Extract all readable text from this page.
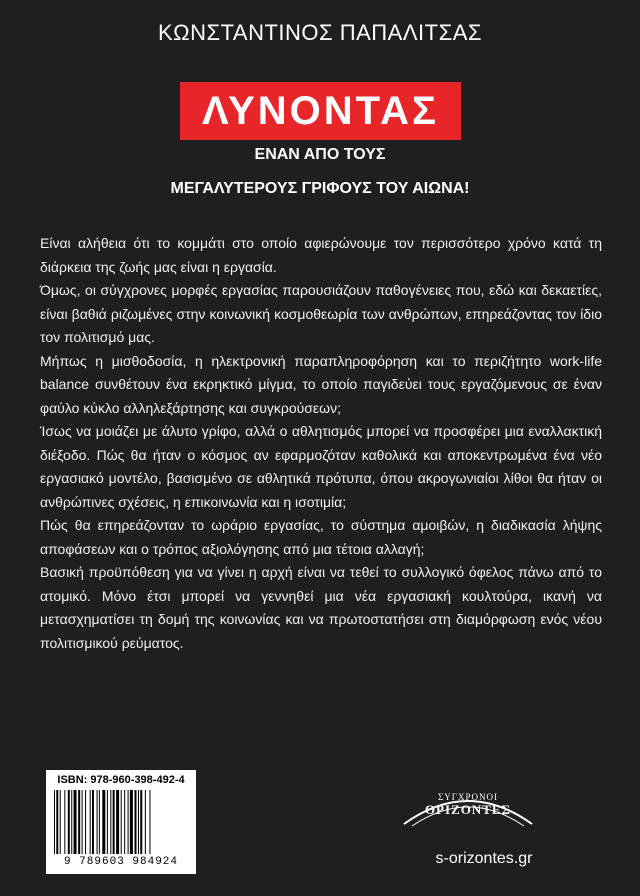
ΚΩΝΣΤΑΝΤΙΝΟΣ ΠΑΠΑΛΙΤΣΑΣ
ΛΥΝΟΝΤΑΣ
ΕΝΑΝ ΑΠΟ ΤΟΥΣ
ΜΕΓΑΛΥΤΕΡΟΥΣ ΓΡΙΦΟΥΣ ΤΟΥ ΑΙΩΝΑ!

Είναι αλήθεια ότι το κομμάτι στο οποίο αφιερώνουμε τον περισσότερο χρόνο κατά τη διάρκεια της ζωής μας είναι η εργασία.

Όμως, οι σύγχρονες μορφές εργασίας παρουσιάζουν παθογένειες που, εδώ και δεκαετίες, είναι βαθιά ριζωμένες στην κοινωνική κοσμοθεωρία των ανθρώπων, επηρεάζοντας τον ίδιο τον πολιτισμό μας.

Μήπως η μισθοδοσία, η ηλεκτρονική παραπληροφόρηση και το περιζήτητο work-life balance συνθέτουν ένα εκρηκτικό μίγμα, το οποίο παγιδεύει τους εργαζόμενους σε έναν φαύλο κύκλο αλληλεξάρτησης και συγκρούσεων;

Ίσως να μοιάζει με άλυτο γρίφο, αλλά ο αθλητισμός μπορεί να προσφέρει μια εναλλακτική διέξοδο. Πώς θα ήταν ο κόσμος αν εφαρμοζόταν καθολικά και αποκεντρωμένα ένα νέο εργασιακό μοντέλο, βασισμένο σε αθλητικά πρότυπα, όπου ακρογωνιαίοι λίθοι θα ήταν οι ανθρώπινες σχέσεις, η επικοινωνία και η ισοτιμία;

Πώς θα επηρεάζονταν το ωράριο εργασίας, το σύστημα αμοιβών, η διαδικασία λήψης αποφάσεων και ο τρόπος αξιολόγησης από μια τέτοια αλλαγή;

Βασική προϋπόθεση για να γίνει η αρχή είναι να τεθεί το συλλογικό όφελος πάνω από το ατομικό. Μόνο έτσι μπορεί να γεννηθεί μια νέα εργασιακή κουλτούρα, ικανή να μετασχηματίσει τη δομή της κοινωνίας και να πρωτοστατήσει στη διαμόρφωση ενός νέου πολιτισμικού ρεύματος.

ISBN: 978-960-398-492-4
9 789603 984924
ΣΥΓΧΡΟΝΟΙ
ΟΡΙΖΟΝΤΕΣ
s-orizontes.gr
